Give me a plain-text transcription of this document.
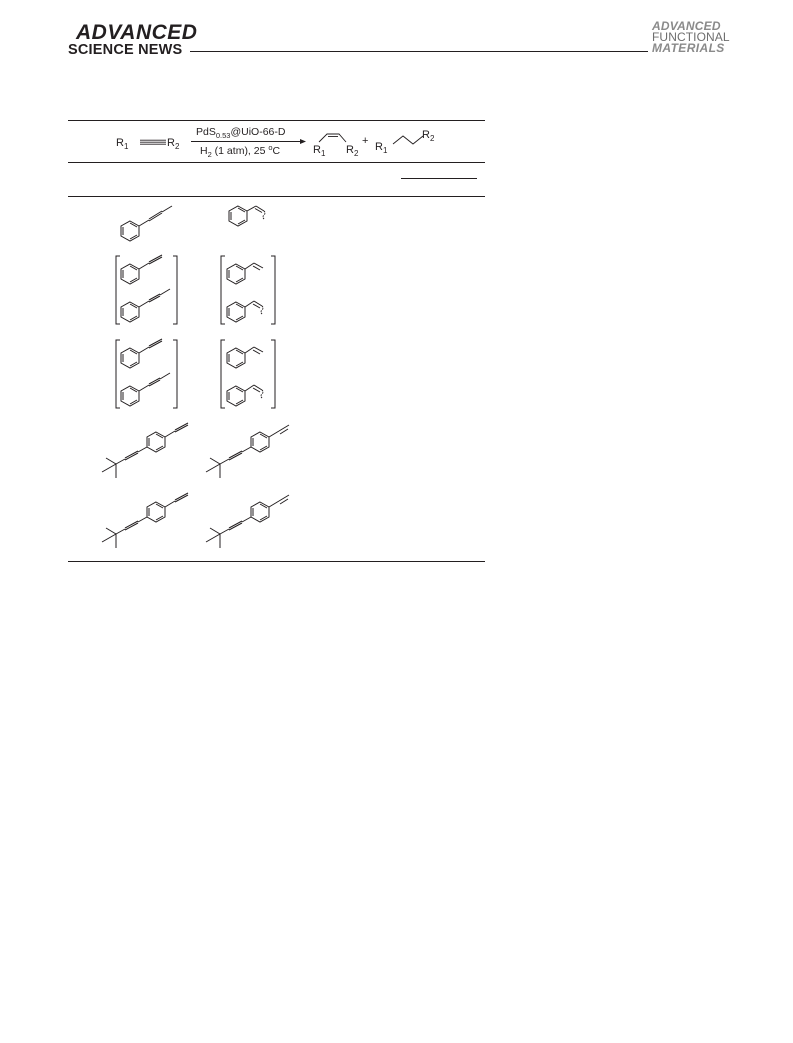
ADVANCED
SCIENCE NEWS
ADVANCED
FUNCTIONAL
MATERIALS
$R_1$	$R_2$
PdS$_{0.53}$@UiO-66-D
$H_2$ (1 atm), 25 $^o$C	$R_1$ $R_2$
+ $R_1$
$R_2$
